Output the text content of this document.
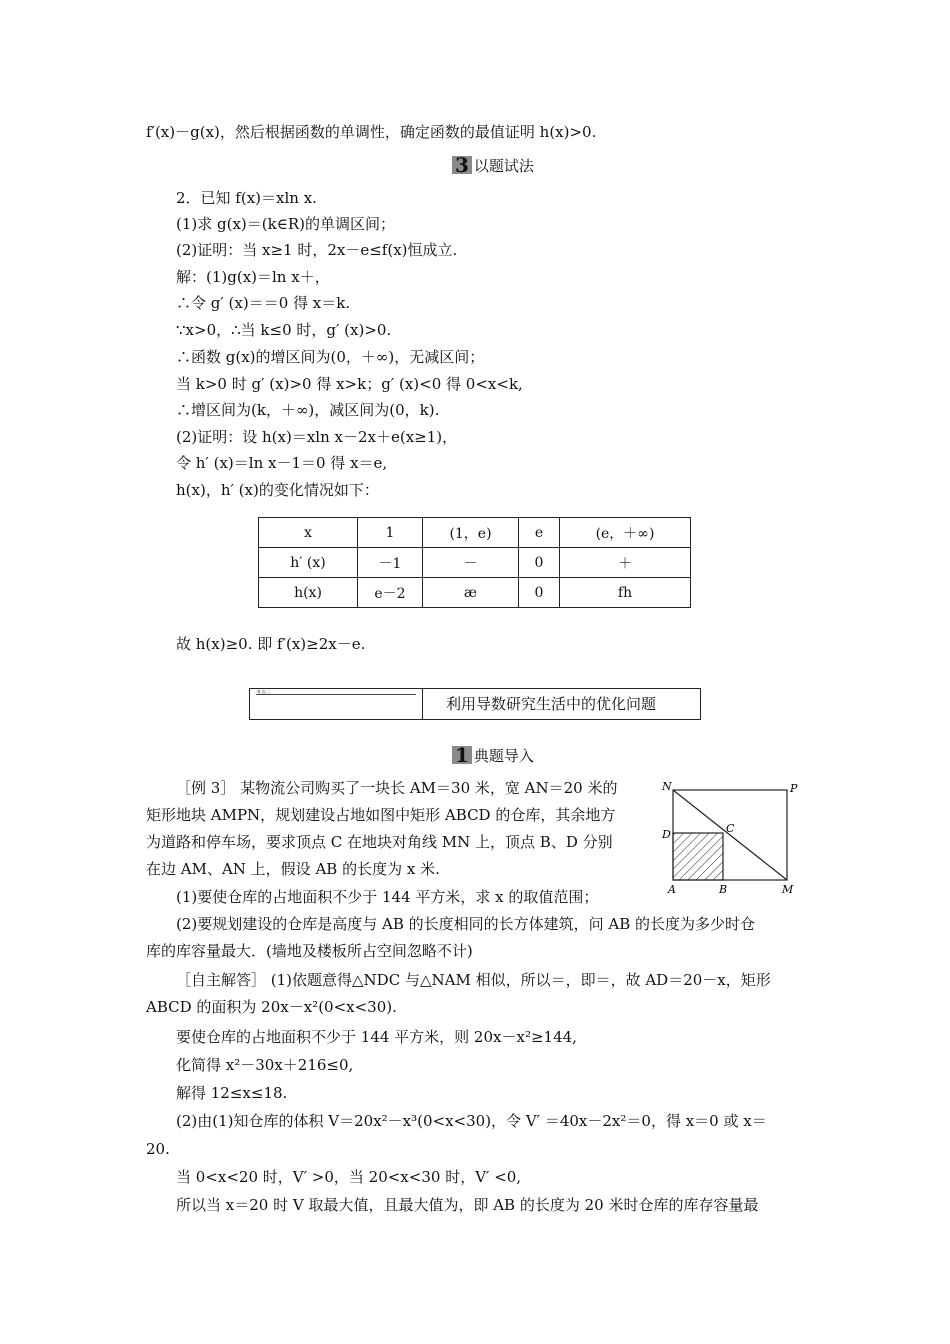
f′(x)－g(x)，然后根据函数的单调性，确定函数的最值证明 h(x)>0.
3 以题试法
2．已知 f(x)＝xln x.
(1)求 g(x)＝(k∈R)的单调区间；
(2)证明：当 x≥1 时，2x－e≤f(x)恒成立.
解：(1)g(x)＝ln x＋，
∴令 g′ (x)＝＝0 得 x＝k.
∵x>0，∴当 k≤0 时，g′ (x)>0.
∴函数 g(x)的增区间为(0，＋∞)，无减区间；
当 k>0 时 g′ (x)>0 得 x>k；g′ (x)<0 得 0<x<k,
∴增区间为(k，＋∞)，减区间为(0，k).
(2)证明：设 h(x)＝xln x－2x＋e(x≥1)，
令 h′ (x)＝ln x－1＝0 得 x＝e,
h(x)，h′ (x)的变化情况如下：
x	1	(1，e)	e	(e，＋∞)
h′ (x)	－1	－	0	＋
h(x)	e－2	æ	0	fh
故 h(x)≥0. 即 f′(x)≥2x－e.
考点三
利用导数研究生活中的优化问题
1 典题导入
［例 3］ 某物流公司购买了一块长 AM＝30 米，宽 AN＝20 米的
矩形地块 AMPN，规划建设占地如图中矩形 ABCD 的仓库，其余地方
为道路和停车场，要求顶点 C 在地块对角线 MN 上，顶点 B、D 分别
在边 AM、AN 上，假设 AB 的长度为 x 米.
(1)要使仓库的占地面积不少于 144 平方米，求 x 的取值范围；
(2)要规划建设的仓库是高度与 AB 的长度相同的长方体建筑，问 AB 的长度为多少时仓
库的库容量最大．(墙地及楼板所占空间忽略不计)
［自主解答］ (1)依题意得△NDC 与△NAM 相似，所以＝，即＝，故 AD＝20－x，矩形
ABCD 的面积为 20x－x²(0<x<30).
要使仓库的占地面积不少于 144 平方米，则 20x－x²≥144,
化简得 x²－30x＋216≤0,
解得 12≤x≤18.
(2)由(1)知仓库的体积 V＝20x²－x³(0<x<30)，令 V′ ＝40x－2x²＝0，得 x＝0 或 x＝
20.
当 0<x<20 时，V′ >0，当 20<x<30 时，V′ <0,
所以当 x＝20 时 V 取最大值，且最大值为，即 AB 的长度为 20 米时仓库的库存容量最
N	P
C
D
A	B	M
